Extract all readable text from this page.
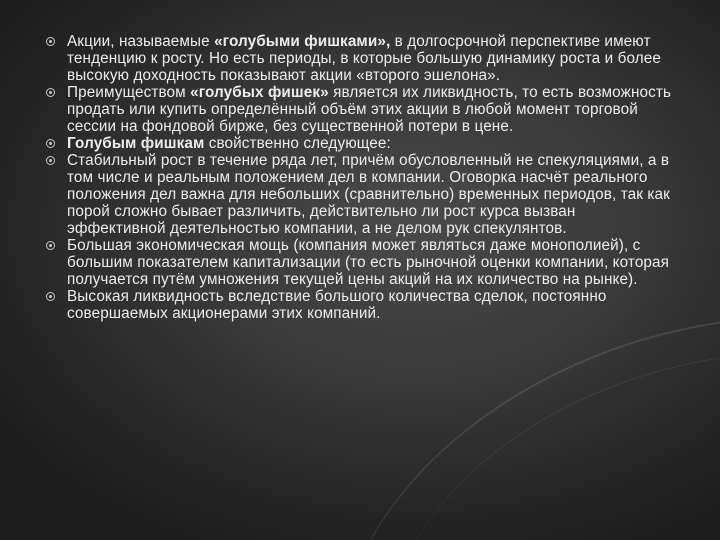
Акции, называемые «голубыми фишками», в долгосрочной перспективе имеют тенденцию к росту. Но есть периоды, в которые большую динамику роста и более высокую доходность показывают акции «второго эшелона».
Преимуществом «голубых фишек» является их ликвидность, то есть возможность продать или купить определённый объём этих акции в любой момент торговой сессии на фондовой бирже, без существенной потери в цене.
Голубым фишкам свойственно следующее:
Стабильный рост в течение ряда лет, причём обусловленный не спекуляциями, а в том числе и реальным положением дел в компании. Оговорка насчёт реального положения дел важна для небольших (сравнительно) временных периодов, так как порой сложно бывает различить, действительно ли рост курса вызван эффективной деятельностью компании, а не делом рук спекулянтов.
Большая экономическая мощь (компания может являться даже монополией), с большим показателем капитализации (то есть рыночной оценки компании, которая получается путём умножения текущей цены акций на их количество на рынке).
Высокая ликвидность вследствие большого количества сделок, постоянно совершаемых акционерами этих компаний.
